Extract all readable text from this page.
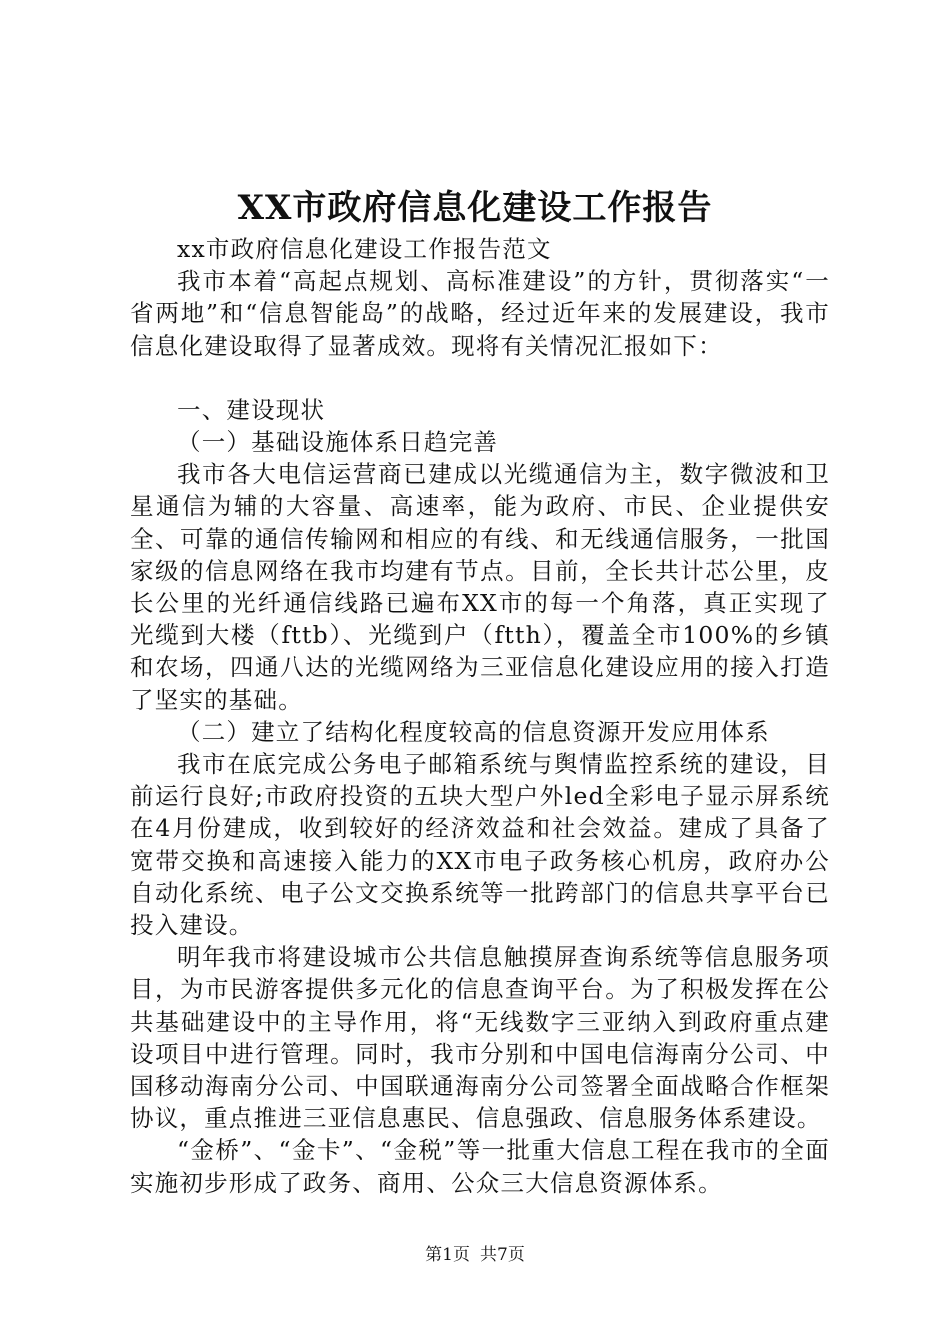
XX市政府信息化建设工作报告

xx市政府信息化建设工作报告范文

我市本着“高起点规划、高标准建设”的方针，贯彻落实“一省两地”和“信息智能岛”的战略，经过近年来的发展建设，我市信息化建设取得了显著成效。现将有关情况汇报如下：

一、建设现状

（一）基础设施体系日趋完善

我市各大电信运营商已建成以光缆通信为主，数字微波和卫星通信为辅的大容量、高速率，能为政府、市民、企业提供安全、可靠的通信传输网和相应的有线、和无线通信服务，一批国家级的信息网络在我市均建有节点。目前，全长共计芯公里，皮长公里的光纤通信线路已遍布XX市的每一个角落，真正实现了光缆到大楼（fttb）、光缆到户（ftth），覆盖全市100%的乡镇和农场，四通八达的光缆网络为三亚信息化建设应用的接入打造了坚实的基础。

（二）建立了结构化程度较高的信息资源开发应用体系

我市在底完成公务电子邮箱系统与舆情监控系统的建设，目前运行良好;市政府投资的五块大型户外led全彩电子显示屏系统在4月份建成，收到较好的经济效益和社会效益。建成了具备了宽带交换和高速接入能力的XX市电子政务核心机房，政府办公自动化系统、电子公文交换系统等一批跨部门的信息共享平台已投入建设。

明年我市将建设城市公共信息触摸屏查询系统等信息服务项目，为市民游客提供多元化的信息查询平台。为了积极发挥在公共基础建设中的主导作用，将“无线数字三亚纳入到政府重点建设项目中进行管理。同时，我市分别和中国电信海南分公司、中国移动海南分公司、中国联通海南分公司签署全面战略合作框架协议，重点推进三亚信息惠民、信息强政、信息服务体系建设。

“金桥”、“金卡”、“金税”等一批重大信息工程在我市的全面实施初步形成了政务、商用、公众三大信息资源体系。

第1页 共7页
